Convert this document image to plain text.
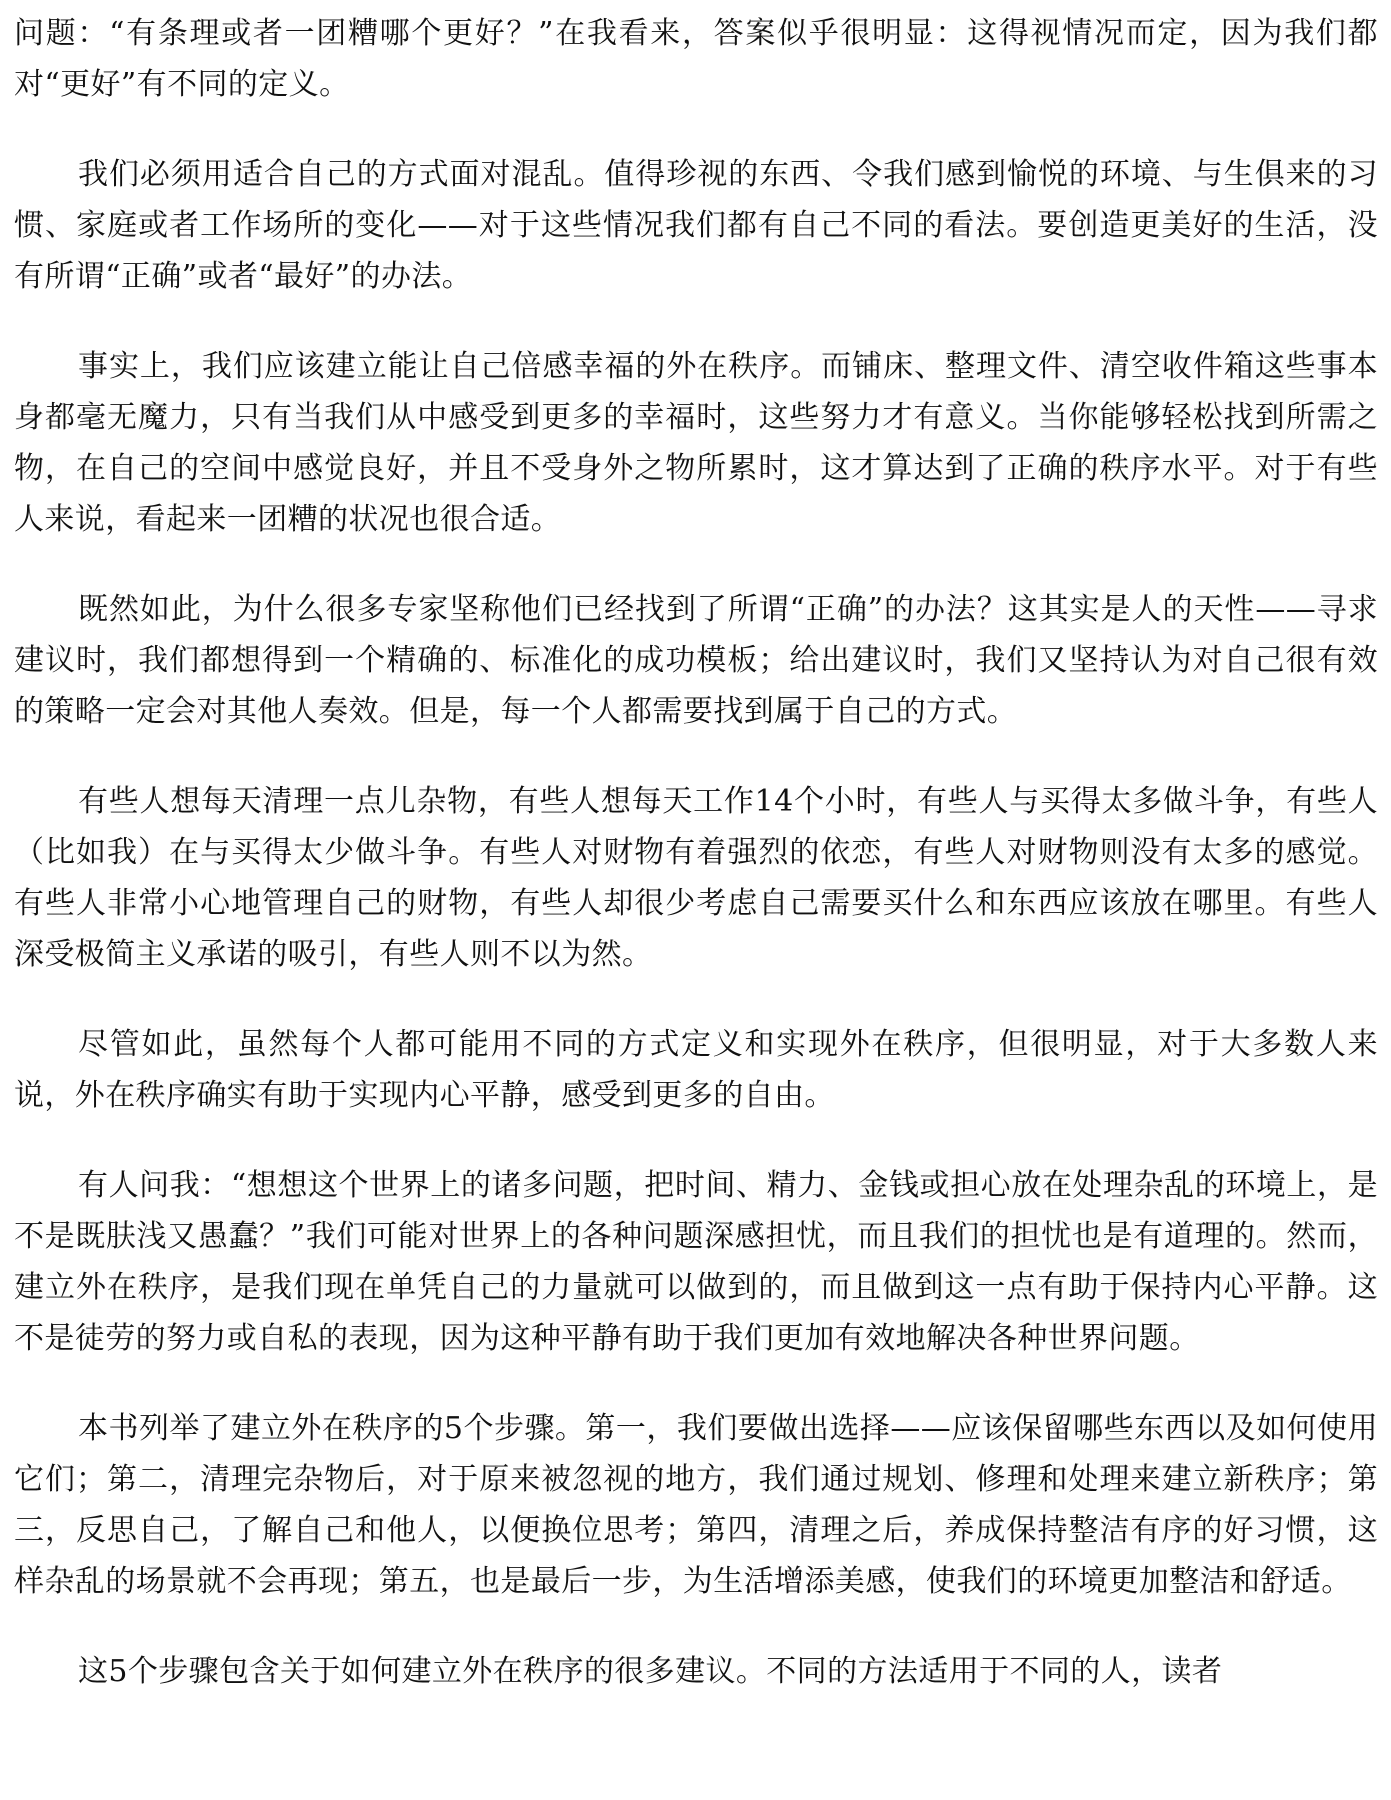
问题：“有条理或者一团糟哪个更好？”在我看来，答案似乎很明显：这得视情况而定，因为我们都对“更好”有不同的定义。

我们必须用适合自己的方式面对混乱。值得珍视的东西、令我们感到愉悦的环境、与生俱来的习惯、家庭或者工作场所的变化——对于这些情况我们都有自己不同的看法。要创造更美好的生活，没有所谓“正确”或者“最好”的办法。

事实上，我们应该建立能让自己倍感幸福的外在秩序。而铺床、整理文件、清空收件箱这些事本身都毫无魔力，只有当我们从中感受到更多的幸福时，这些努力才有意义。当你能够轻松找到所需之物，在自己的空间中感觉良好，并且不受身外之物所累时，这才算达到了正确的秩序水平。对于有些人来说，看起来一团糟的状况也很合适。

既然如此，为什么很多专家坚称他们已经找到了所谓“正确”的办法？这其实是人的天性——寻求建议时，我们都想得到一个精确的、标准化的成功模板；给出建议时，我们又坚持认为对自己很有效的策略一定会对其他人奏效。但是，每一个人都需要找到属于自己的方式。

有些人想每天清理一点儿杂物，有些人想每天工作14个小时，有些人与买得太多做斗争，有些人（比如我）在与买得太少做斗争。有些人对财物有着强烈的依恋，有些人对财物则没有太多的感觉。有些人非常小心地管理自己的财物，有些人却很少考虑自己需要买什么和东西应该放在哪里。有些人深受极简主义承诺的吸引，有些人则不以为然。

尽管如此，虽然每个人都可能用不同的方式定义和实现外在秩序，但很明显，对于大多数人来说，外在秩序确实有助于实现内心平静，感受到更多的自由。

有人问我：“想想这个世界上的诸多问题，把时间、精力、金钱或担心放在处理杂乱的环境上，是不是既肤浅又愚蠢？”我们可能对世界上的各种问题深感担忧，而且我们的担忧也是有道理的。然而，建立外在秩序，是我们现在单凭自己的力量就可以做到的，而且做到这一点有助于保持内心平静。这不是徒劳的努力或自私的表现，因为这种平静有助于我们更加有效地解决各种世界问题。

本书列举了建立外在秩序的5个步骤。第一，我们要做出选择——应该保留哪些东西以及如何使用它们；第二，清理完杂物后，对于原来被忽视的地方，我们通过规划、修理和处理来建立新秩序；第三，反思自己，了解自己和他人，以便换位思考；第四，清理之后，养成保持整洁有序的好习惯，这样杂乱的场景就不会再现；第五，也是最后一步，为生活增添美感，使我们的环境更加整洁和舒适。

这5个步骤包含关于如何建立外在秩序的很多建议。不同的方法适用于不同的人，读者
